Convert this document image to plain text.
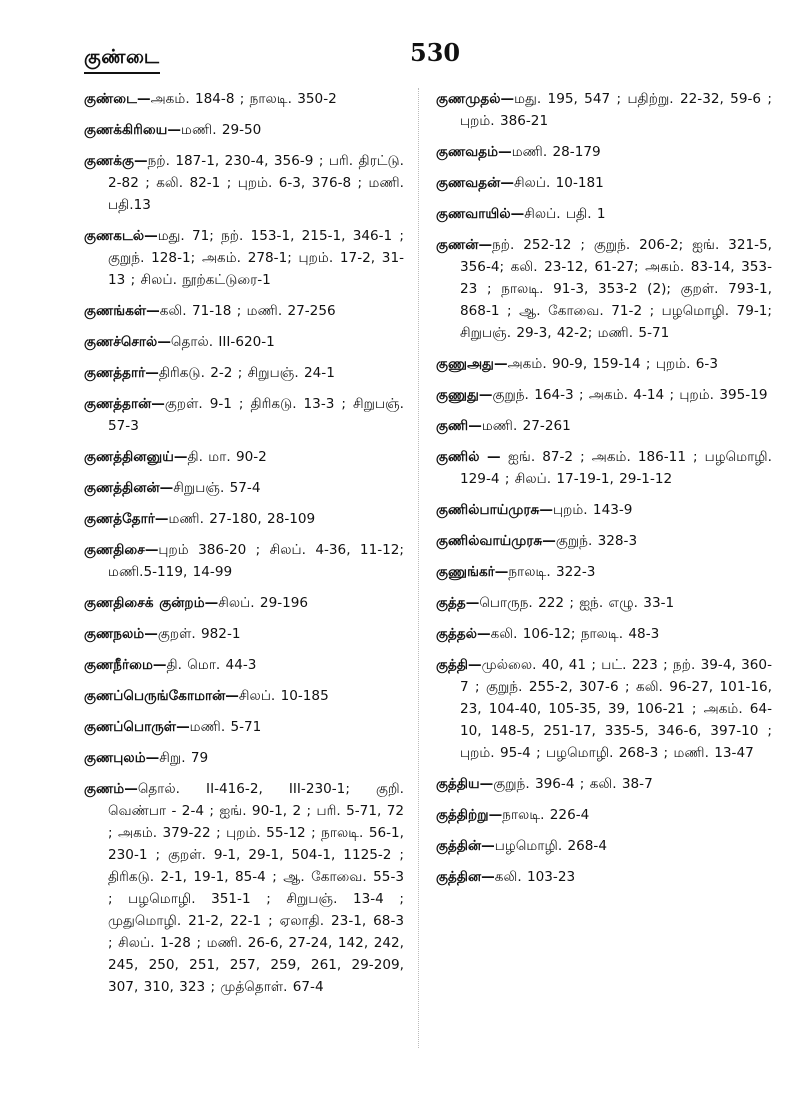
குண்டை	530

குண்டை—அகம். 184-8 ; நாலடி. 350-2

குணக்கிரியை—மணி. 29-50

குணக்கு—நற். 187-1, 230-4, 356-9 ; பரி. திரட்டு. 2-82 ; கலி. 82-1 ; புறம். 6-3, 376-8 ; மணி. பதி.13

குணகடல்—மது. 71; நற். 153-1, 215-1, 346-1 ; குறுந். 128-1; அகம். 278-1; புறம். 17-2, 31-13 ; சிலப். நூற்கட்டுரை-1

குணங்கள்—கலி. 71-18 ; மணி. 27-256

குணச்சொல்—தொல். III-620-1

குணத்தார்—திரிகடு. 2-2 ; சிறுபஞ். 24-1

குணத்தான்—குறள். 9-1 ; திரிகடு. 13-3 ; சிறுபஞ். 57-3

குணத்தினனுய்—தி. மா. 90-2

குணத்தினன்—சிறுபஞ். 57-4

குணத்தோர்—மணி. 27-180, 28-109

குணதிசை—புறம் 386-20 ; சிலப். 4-36, 11-12; மணி.5-119, 14-99

குணதிசைக் குன்றம்—சிலப். 29-196

குணநலம்—குறள். 982-1

குணநீர்மை—தி. மொ. 44-3

குணப்பெருங்கோமான்—சிலப். 10-185

குணப்பொருள்—மணி. 5-71

குணபுலம்—சிறு. 79

குணம்—தொல். II-416-2, III-230-1; குறி. வெண்பா - 2-4 ; ஐங். 90-1, 2 ; பரி. 5-71, 72 ; அகம். 379-22 ; புறம். 55-12 ; நாலடி. 56-1, 230-1 ; குறள். 9-1, 29-1, 504-1, 1125-2 ; திரிகடு. 2-1, 19-1, 85-4 ; ஆ. கோவை. 55-3 ; பழமொழி. 351-1 ; சிறுபஞ். 13-4 ; முதுமொழி. 21-2, 22-1 ; ஏலாதி. 23-1, 68-3 ; சிலப். 1-28 ; மணி. 26-6, 27-24, 142, 242, 245, 250, 251, 257, 259, 261, 29-209, 307, 310, 323 ; முத்தொள். 67-4

குணமுதல்—மது. 195, 547 ; பதிற்று. 22-32, 59-6 ; புறம். 386-21

குணவதம்—மணி. 28-179

குணவதன்—சிலப். 10-181

குணவாயில்—சிலப். பதி. 1

குணன்—நற். 252-12 ; குறுந். 206-2; ஐங். 321-5, 356-4; கலி. 23-12, 61-27; அகம். 83-14, 353-23 ; நாலடி. 91-3, 353-2 (2); குறள். 793-1, 868-1 ; ஆ. கோவை. 71-2 ; பழமொழி. 79-1; சிறுபஞ். 29-3, 42-2; மணி. 5-71

குணுஅது—அகம். 90-9, 159-14 ; புறம். 6-3

குணுது—குறுந். 164-3 ; அகம். 4-14 ; புறம். 395-19

குணி—மணி. 27-261

குணில் — ஐங். 87-2 ; அகம். 186-11 ; பழமொழி. 129-4 ; சிலப். 17-19-1, 29-1-12

குணில்பாய்முரசு—புறம். 143-9

குணில்வாய்முரசு—குறுந். 328-3

குணுங்கர்—நாலடி. 322-3

குத்த—பொருந. 222 ; ஐந். எழு. 33-1

குத்தல்—கலி. 106-12; நாலடி. 48-3

குத்தி—முல்லை. 40, 41 ; பட். 223 ; நற். 39-4, 360-7 ; குறுந். 255-2, 307-6 ; கலி. 96-27, 101-16, 23, 104-40, 105-35, 39, 106-21 ; அகம். 64-10, 148-5, 251-17, 335-5, 346-6, 397-10 ; புறம். 95-4 ; பழமொழி. 268-3 ; மணி. 13-47

குத்திய—குறுந். 396-4 ; கலி. 38-7

குத்திற்று—நாலடி. 226-4

குத்தின்—பழமொழி. 268-4

குத்தின—கலி. 103-23
